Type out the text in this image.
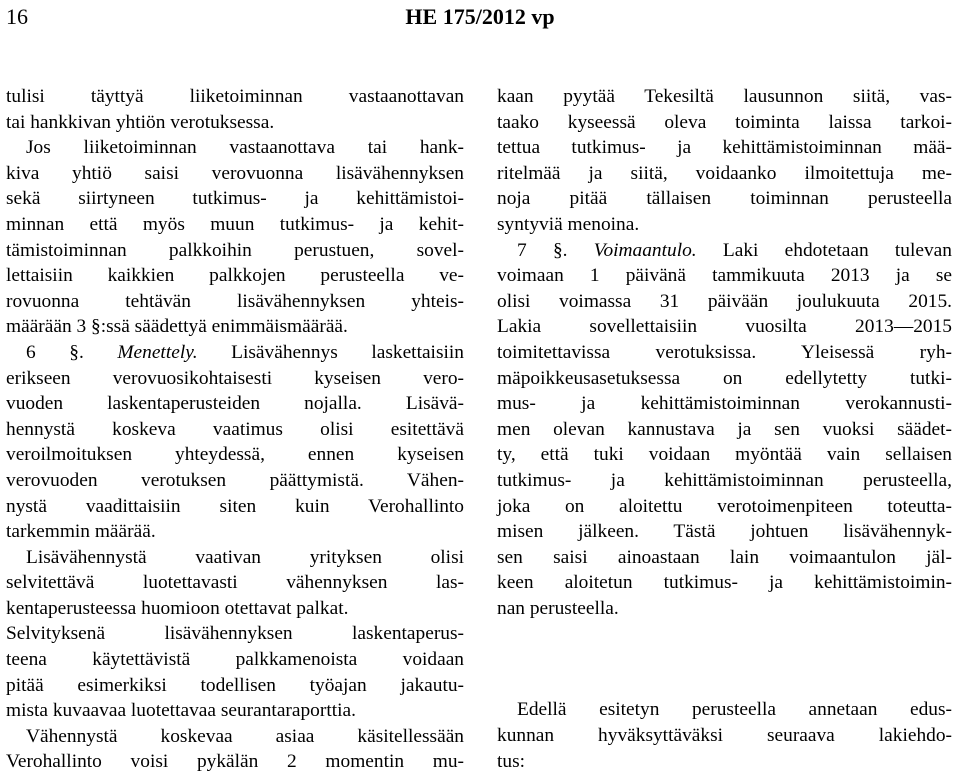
16	HE 175/2012 vp
tulisi täyttyä liiketoiminnan vastaanottavan
tai hankkivan yhtiön verotuksessa.
Jos liiketoiminnan vastaanottava tai hank-
kiva yhtiö saisi verovuonna lisävähennyksen
sekä siirtyneen tutkimus- ja kehittämistoi-
minnan että myös muun tutkimus- ja kehit-
tämistoiminnan palkkoihin perustuen, sovel-
lettaisiin kaikkien palkkojen perusteella ve-
rovuonna tehtävän lisävähennyksen yhteis-
määrään 3 §:ssä säädettyä enimmäismäärää.
6 §. Menettely. Lisävähennys laskettaisiin
erikseen verovuosikohtaisesti kyseisen vero-
vuoden laskentaperusteiden nojalla. Lisävä-
hennystä koskeva vaatimus olisi esitettävä
veroilmoituksen yhteydessä, ennen kyseisen
verovuoden verotuksen päättymistä. Vähen-
nystä vaadittaisiin siten kuin Verohallinto
tarkemmin määrää.
Lisävähennystä vaativan yrityksen olisi
selvitettävä luotettavasti vähennyksen las-
kentaperusteessa huomioon otettavat palkat.
Selvityksenä lisävähennyksen laskentaperus-
teena käytettävistä palkkamenoista voidaan
pitää esimerkiksi todellisen työajan jakautu-
mista kuvaavaa luotettavaa seurantaraporttia.
Vähennystä koskevaa asiaa käsitellessään
Verohallinto voisi pykälän 2 momentin mu-
kaan pyytää Tekesiltä lausunnon siitä, vas-
taako kyseessä oleva toiminta laissa tarkoi-
tettua tutkimus- ja kehittämistoiminnan mää-
ritelmää ja siitä, voidaanko ilmoitettuja me-
noja pitää tällaisen toiminnan perusteella
syntyviä menoina.
7 §. Voimaantulo. Laki ehdotetaan tulevan
voimaan 1 päivänä tammikuuta 2013 ja se
olisi voimassa 31 päivään joulukuuta 2015.
Lakia sovellettaisiin vuosilta 2013—2015
toimitettavissa verotuksissa. Yleisessä ryh-
mäpoikkeusasetuksessa on edellytetty tutki-
mus- ja kehittämistoiminnan verokannusti-
men olevan kannustava ja sen vuoksi säädet-
ty, että tuki voidaan myöntää vain sellaisen
tutkimus- ja kehittämistoiminnan perusteella,
joka on aloitettu verotoimenpiteen toteutta-
misen jälkeen. Tästä johtuen lisävähennyk-
sen saisi ainoastaan lain voimaantulon jäl-
keen aloitetun tutkimus- ja kehittämistoimin-
nan perusteella.
Edellä esitetyn perusteella annetaan edus-
kunnan hyväksyttäväksi seuraava lakiehdo-
tus:
